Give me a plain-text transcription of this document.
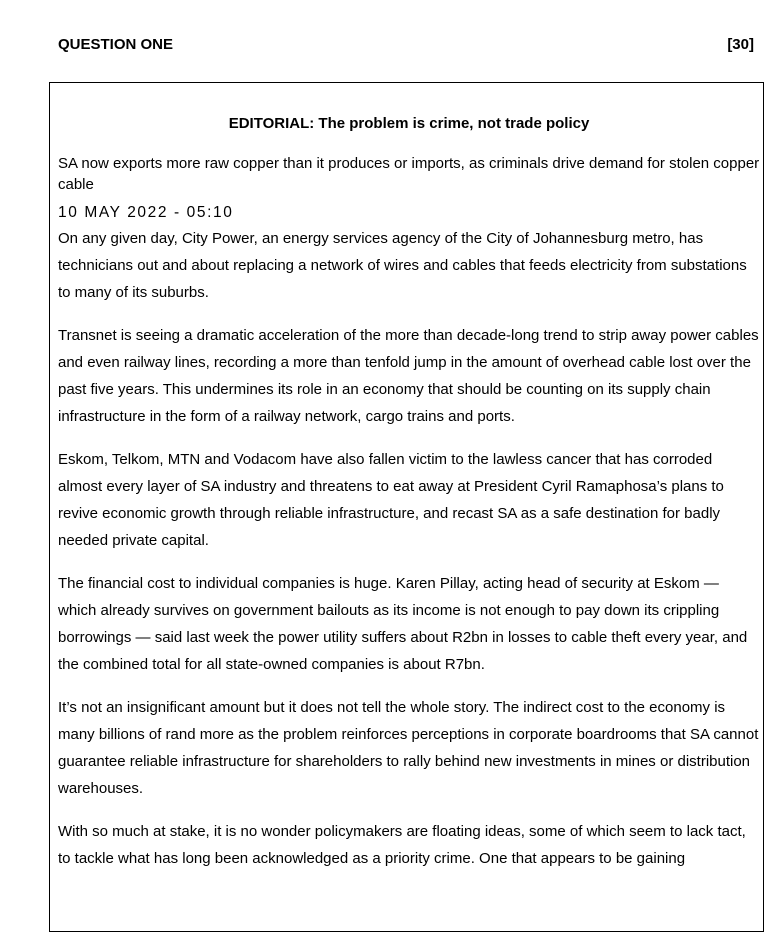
QUESTION ONE	[30]
EDITORIAL: The problem is crime, not trade policy
SA now exports more raw copper than it produces or imports, as criminals drive demand for stolen copper cable
10 MAY 2022 - 05:10

On any given day, City Power, an energy services agency of the City of Johannesburg metro, has technicians out and about replacing a network of wires and cables that feeds electricity from substations to many of its suburbs.

Transnet is seeing a dramatic acceleration of the more than decade-long trend to strip away power cables and even railway lines, recording a more than tenfold jump in the amount of overhead cable lost over the past five years. This undermines its role in an economy that should be counting on its supply chain infrastructure in the form of a railway network, cargo trains and ports.

Eskom, Telkom, MTN and Vodacom have also fallen victim to the lawless cancer that has corroded almost every layer of SA industry and threatens to eat away at President Cyril Ramaphosa’s plans to revive economic growth through reliable infrastructure, and recast SA as a safe destination for badly needed private capital.

The financial cost to individual companies is huge. Karen Pillay, acting head of security at Eskom — which already survives on government bailouts as its income is not enough to pay down its crippling borrowings — said last week the power utility suffers about R2bn in losses to cable theft every year, and the combined total for all state-owned companies is about R7bn.

It’s not an insignificant amount but it does not tell the whole story. The indirect cost to the economy is many billions of rand more as the problem reinforces perceptions in corporate boardrooms that SA cannot guarantee reliable infrastructure for shareholders to rally behind new investments in mines or distribution warehouses.

With so much at stake, it is no wonder policymakers are floating ideas, some of which seem to lack tact, to tackle what has long been acknowledged as a priority crime. One that appears to be gaining
